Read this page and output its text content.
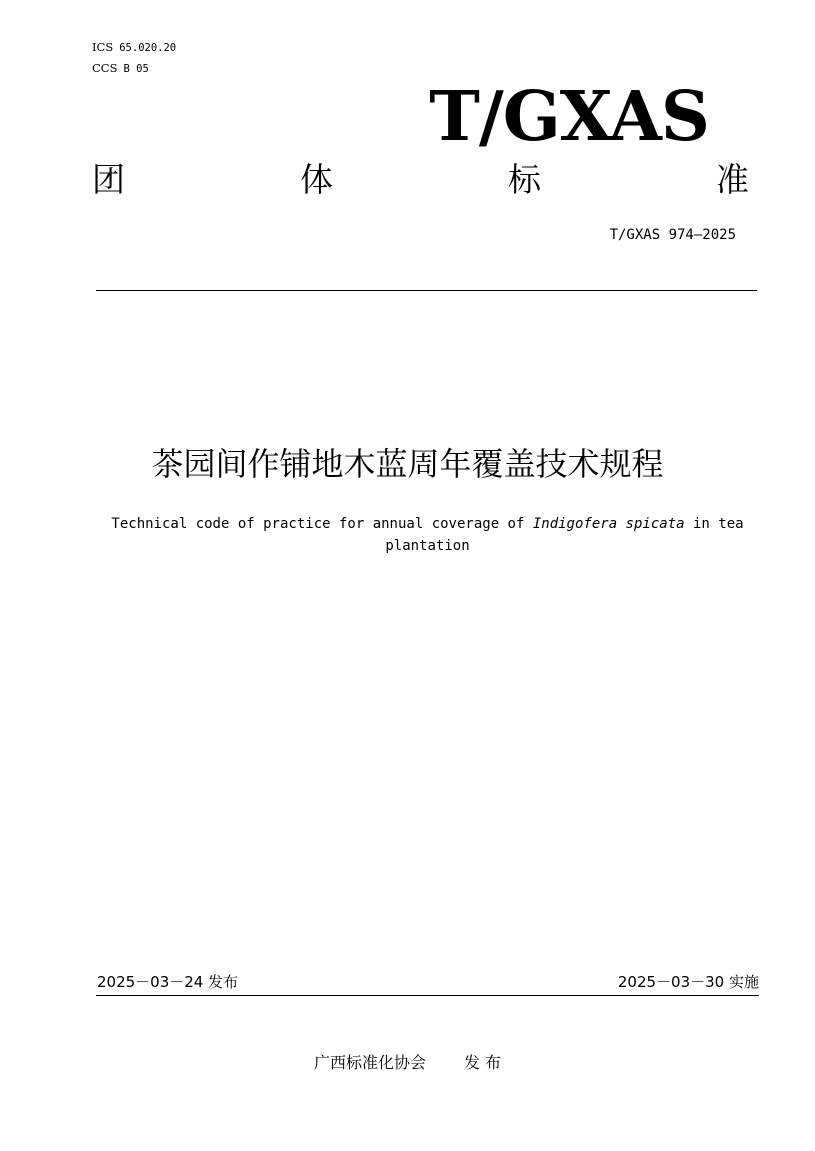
ICS 65.020.20
CCS B 05
T/GXAS
团	体	标	准
T/GXAS 974—2025
茶园间作铺地木蓝周年覆盖技术规程
Technical code of practice for annual coverage of Indigofera spicata in tea plantation
2025－03－24 发布	2025－03－30 实施
广西标准化协会 发 布
